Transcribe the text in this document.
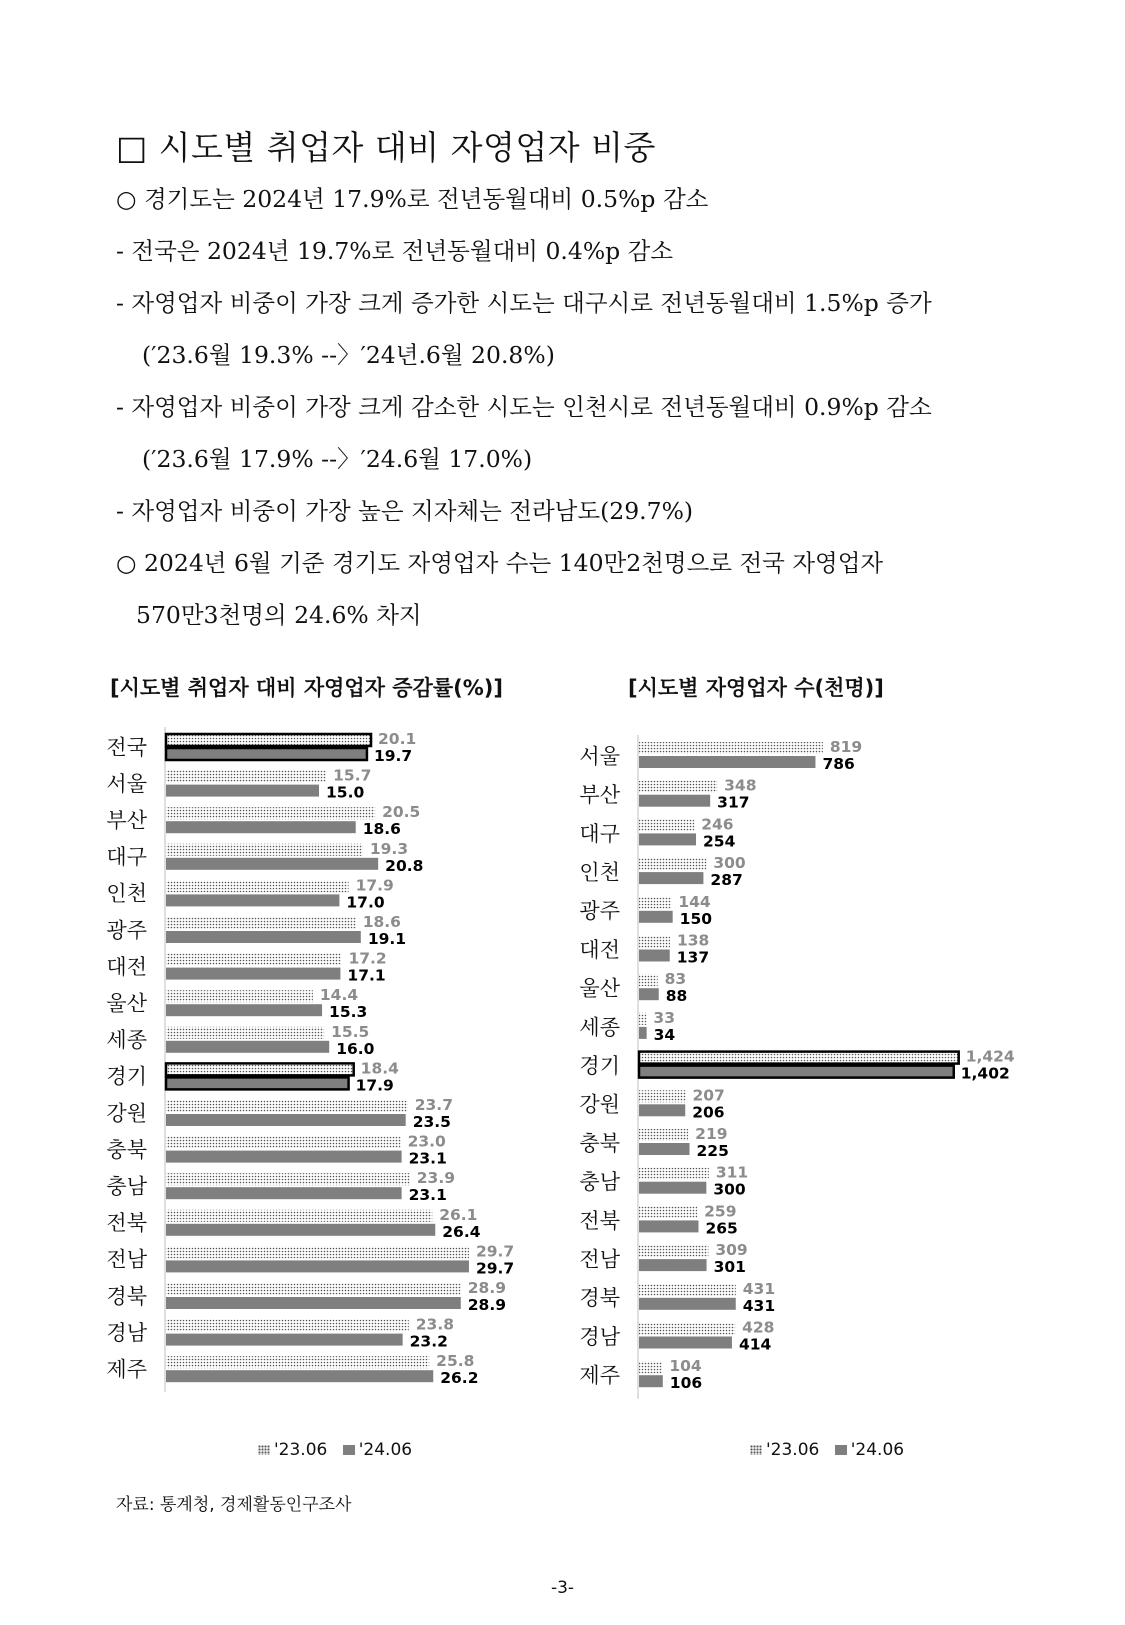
□ 시도별 취업자 대비 자영업자 비중
○ 경기도는 2024년 17.9%로 전년동월대비 0.5%p 감소
- 전국은 2024년 19.7%로 전년동월대비 0.4%p 감소
- 자영업자 비중이 가장 크게 증가한 시도는 대구시로 전년동월대비 1.5%p 증가
(′23.6월 19.3% --〉′24년.6월 20.8%)
- 자영업자 비중이 가장 크게 감소한 시도는 인천시로 전년동월대비 0.9%p 감소
(′23.6월 17.9% --〉′24.6월 17.0%)
- 자영업자 비중이 가장 높은 지자체는 전라남도(29.7%)
○ 2024년 6월 기준 경기도 자영업자 수는 140만2천명으로 전국 자영업자
570만3천명의 24.6% 차지
[시도별 취업자 대비 자영업자 증감률(%)]	[시도별 자영업자 수(천명)]
전국	20.1
19.7
서울	15.7
15.0
부산	20.5
18.6
대구	19.3
20.8
인천	17.9
17.0
광주	18.6
19.1
대전	17.2
17.1
울산	14.4
15.3
세종	15.5
16.0
경기	18.4
17.9
강원	23.7
23.5
충북	23.0
23.1
충남	23.9
23.1
전북	26.1
26.4
전남	29.7
29.7
경북	28.9
28.9
경남	23.8
23.2
제주	25.8
26.2
서울	819
786
부산	348
317
대구	246
254
인천	300
287
광주	144
150
대전	138
137
울산	83
88
세종 33
34
경기	1,424
1,402
강원	207
206
충북	219
225
충남	311
300
전북	259
265
전남	309
301
경북	431
431
경남	428
414
제주	104
106
'23.06 '24.06	'23.06 '24.06
자료: 통계청, 경제활동인구조사
-3-
